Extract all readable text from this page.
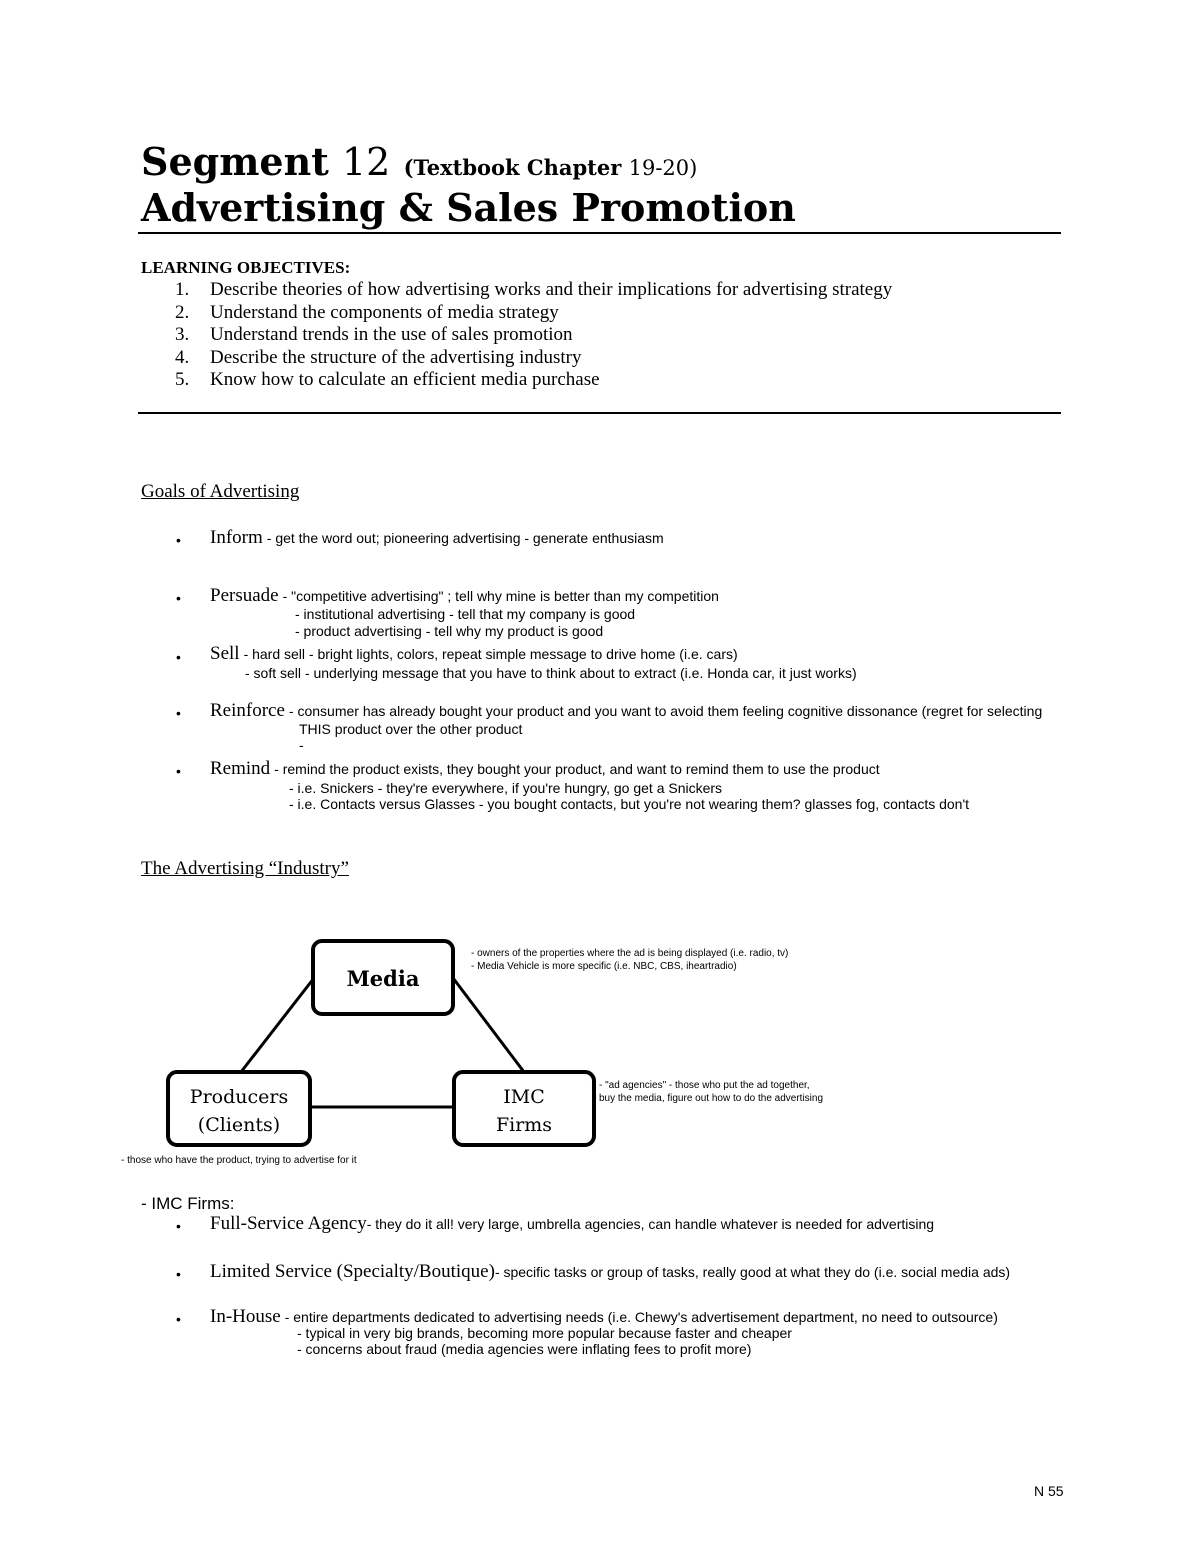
Segment 12 (Textbook Chapter 19-20)
Advertising & Sales Promotion
LEARNING OBJECTIVES:
1. Describe theories of how advertising works and their implications for advertising strategy
2. Understand the components of media strategy
3. Understand trends in the use of sales promotion
4. Describe the structure of the advertising industry
5. Know how to calculate an efficient media purchase
Goals of Advertising
• Inform - get the word out; pioneering advertising - generate enthusiasm
• Persuade - "competitive advertising" ; tell why mine is better than my competition
- institutional advertising - tell that my company is good
- product advertising - tell why my product is good
• Sell - hard sell - bright lights, colors, repeat simple message to drive home (i.e. cars)
- soft sell - underlying message that you have to think about to extract (i.e. Honda car, it just works)
• Reinforce - consumer has already bought your product and you want to avoid them feeling cognitive dissonance (regret for selecting
THIS product over the other product
-
• Remind - remind the product exists, they bought your product, and want to remind them to use the product
- i.e. Snickers - they're everywhere, if you're hungry, go get a Snickers
- i.e. Contacts versus Glasses - you bought contacts, but you're not wearing them? glasses fog, contacts don't
The Advertising “Industry”
Media
Producers
(Clients)
IMC
Firms
- owners of the properties where the ad is being displayed (i.e. radio, tv)
- Media Vehicle is more specific (i.e. NBC, CBS, iheartradio)
- "ad agencies" - those who put the ad together,
buy the media, figure out how to do the advertising
- those who have the product, trying to advertise for it
- IMC Firms:
• Full-Service Agency- they do it all! very large, umbrella agencies, can handle whatever is needed for advertising
• Limited Service (Specialty/Boutique)- specific tasks or group of tasks, really good at what they do (i.e. social media ads)
• In-House - entire departments dedicated to advertising needs (i.e. Chewy's advertisement department, no need to outsource)
- typical in very big brands, becoming more popular because faster and cheaper
- concerns about fraud (media agencies were inflating fees to profit more)
N 55
